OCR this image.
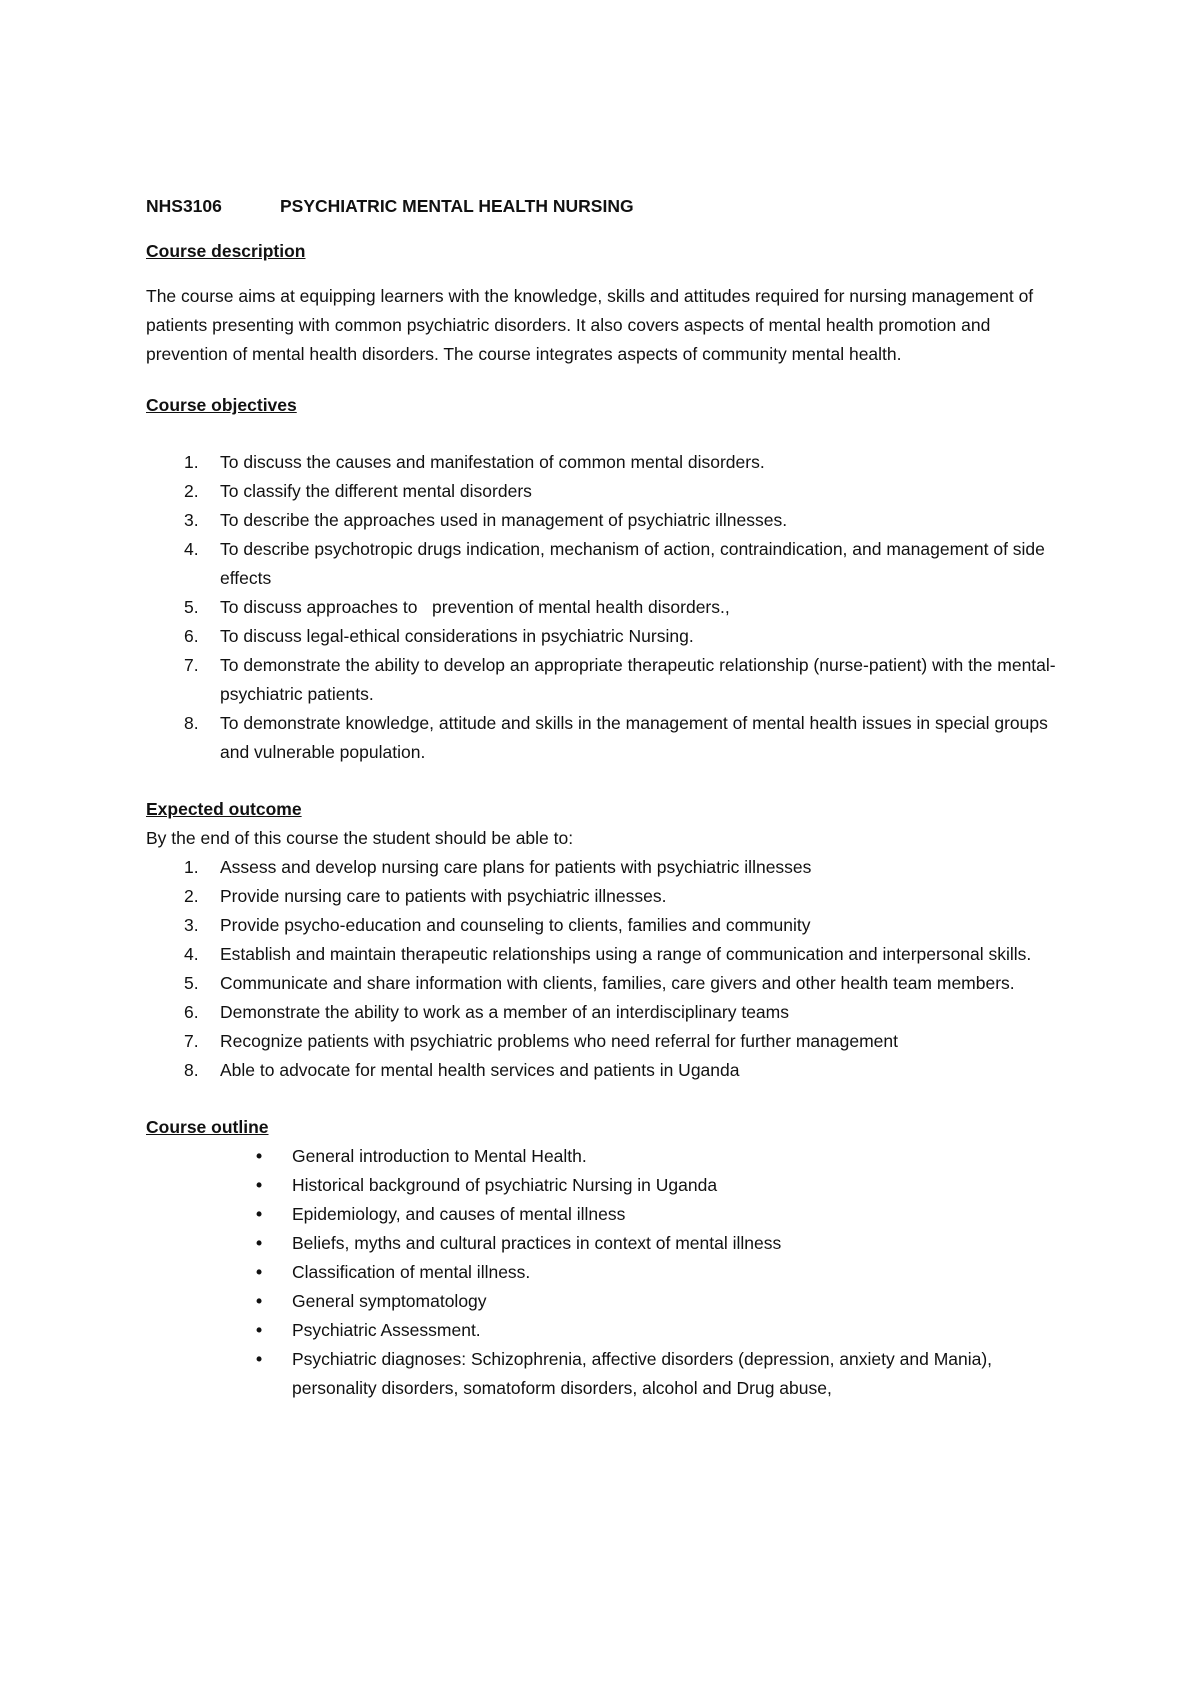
NHS3106	PSYCHIATRIC MENTAL HEALTH NURSING

Course description

The course aims at equipping learners with the knowledge, skills and attitudes required for nursing management of patients presenting with common psychiatric disorders. It also covers aspects of mental health promotion and prevention of mental health disorders. The course integrates aspects of community mental health.

Course objectives

1. To discuss the causes and manifestation of common mental disorders.
2. To classify the different mental disorders
3. To describe the approaches used in management of psychiatric illnesses.
4. To describe psychotropic drugs indication, mechanism of action, contraindication, and management of side effects
5. To discuss approaches to   prevention of mental health disorders.,
6. To discuss legal-ethical considerations in psychiatric Nursing.
7. To demonstrate the ability to develop an appropriate therapeutic relationship (nurse-patient) with the mental-psychiatric patients.
8. To demonstrate knowledge, attitude and skills in the management of mental health issues in special groups and vulnerable population.

Expected outcome

By the end of this course the student should be able to:

1. Assess and develop nursing care plans for patients with psychiatric illnesses
2. Provide nursing care to patients with psychiatric illnesses.
3. Provide psycho-education and counseling to clients, families and community
4. Establish and maintain therapeutic relationships using a range of communication and interpersonal skills.
5. Communicate and share information with clients, families, care givers and other health team members.
6. Demonstrate the ability to work as a member of an interdisciplinary teams
7. Recognize patients with psychiatric problems who need referral for further management
8. Able to advocate for mental health services and patients in Uganda

Course outline

• General introduction to Mental Health.
• Historical background of psychiatric Nursing in Uganda
• Epidemiology, and causes of mental illness
• Beliefs, myths and cultural practices in context of mental illness
• Classification of mental illness.
• General symptomatology
• Psychiatric Assessment.
• Psychiatric diagnoses: Schizophrenia, affective disorders (depression, anxiety and Mania), personality disorders, somatoform disorders, alcohol and Drug abuse,
